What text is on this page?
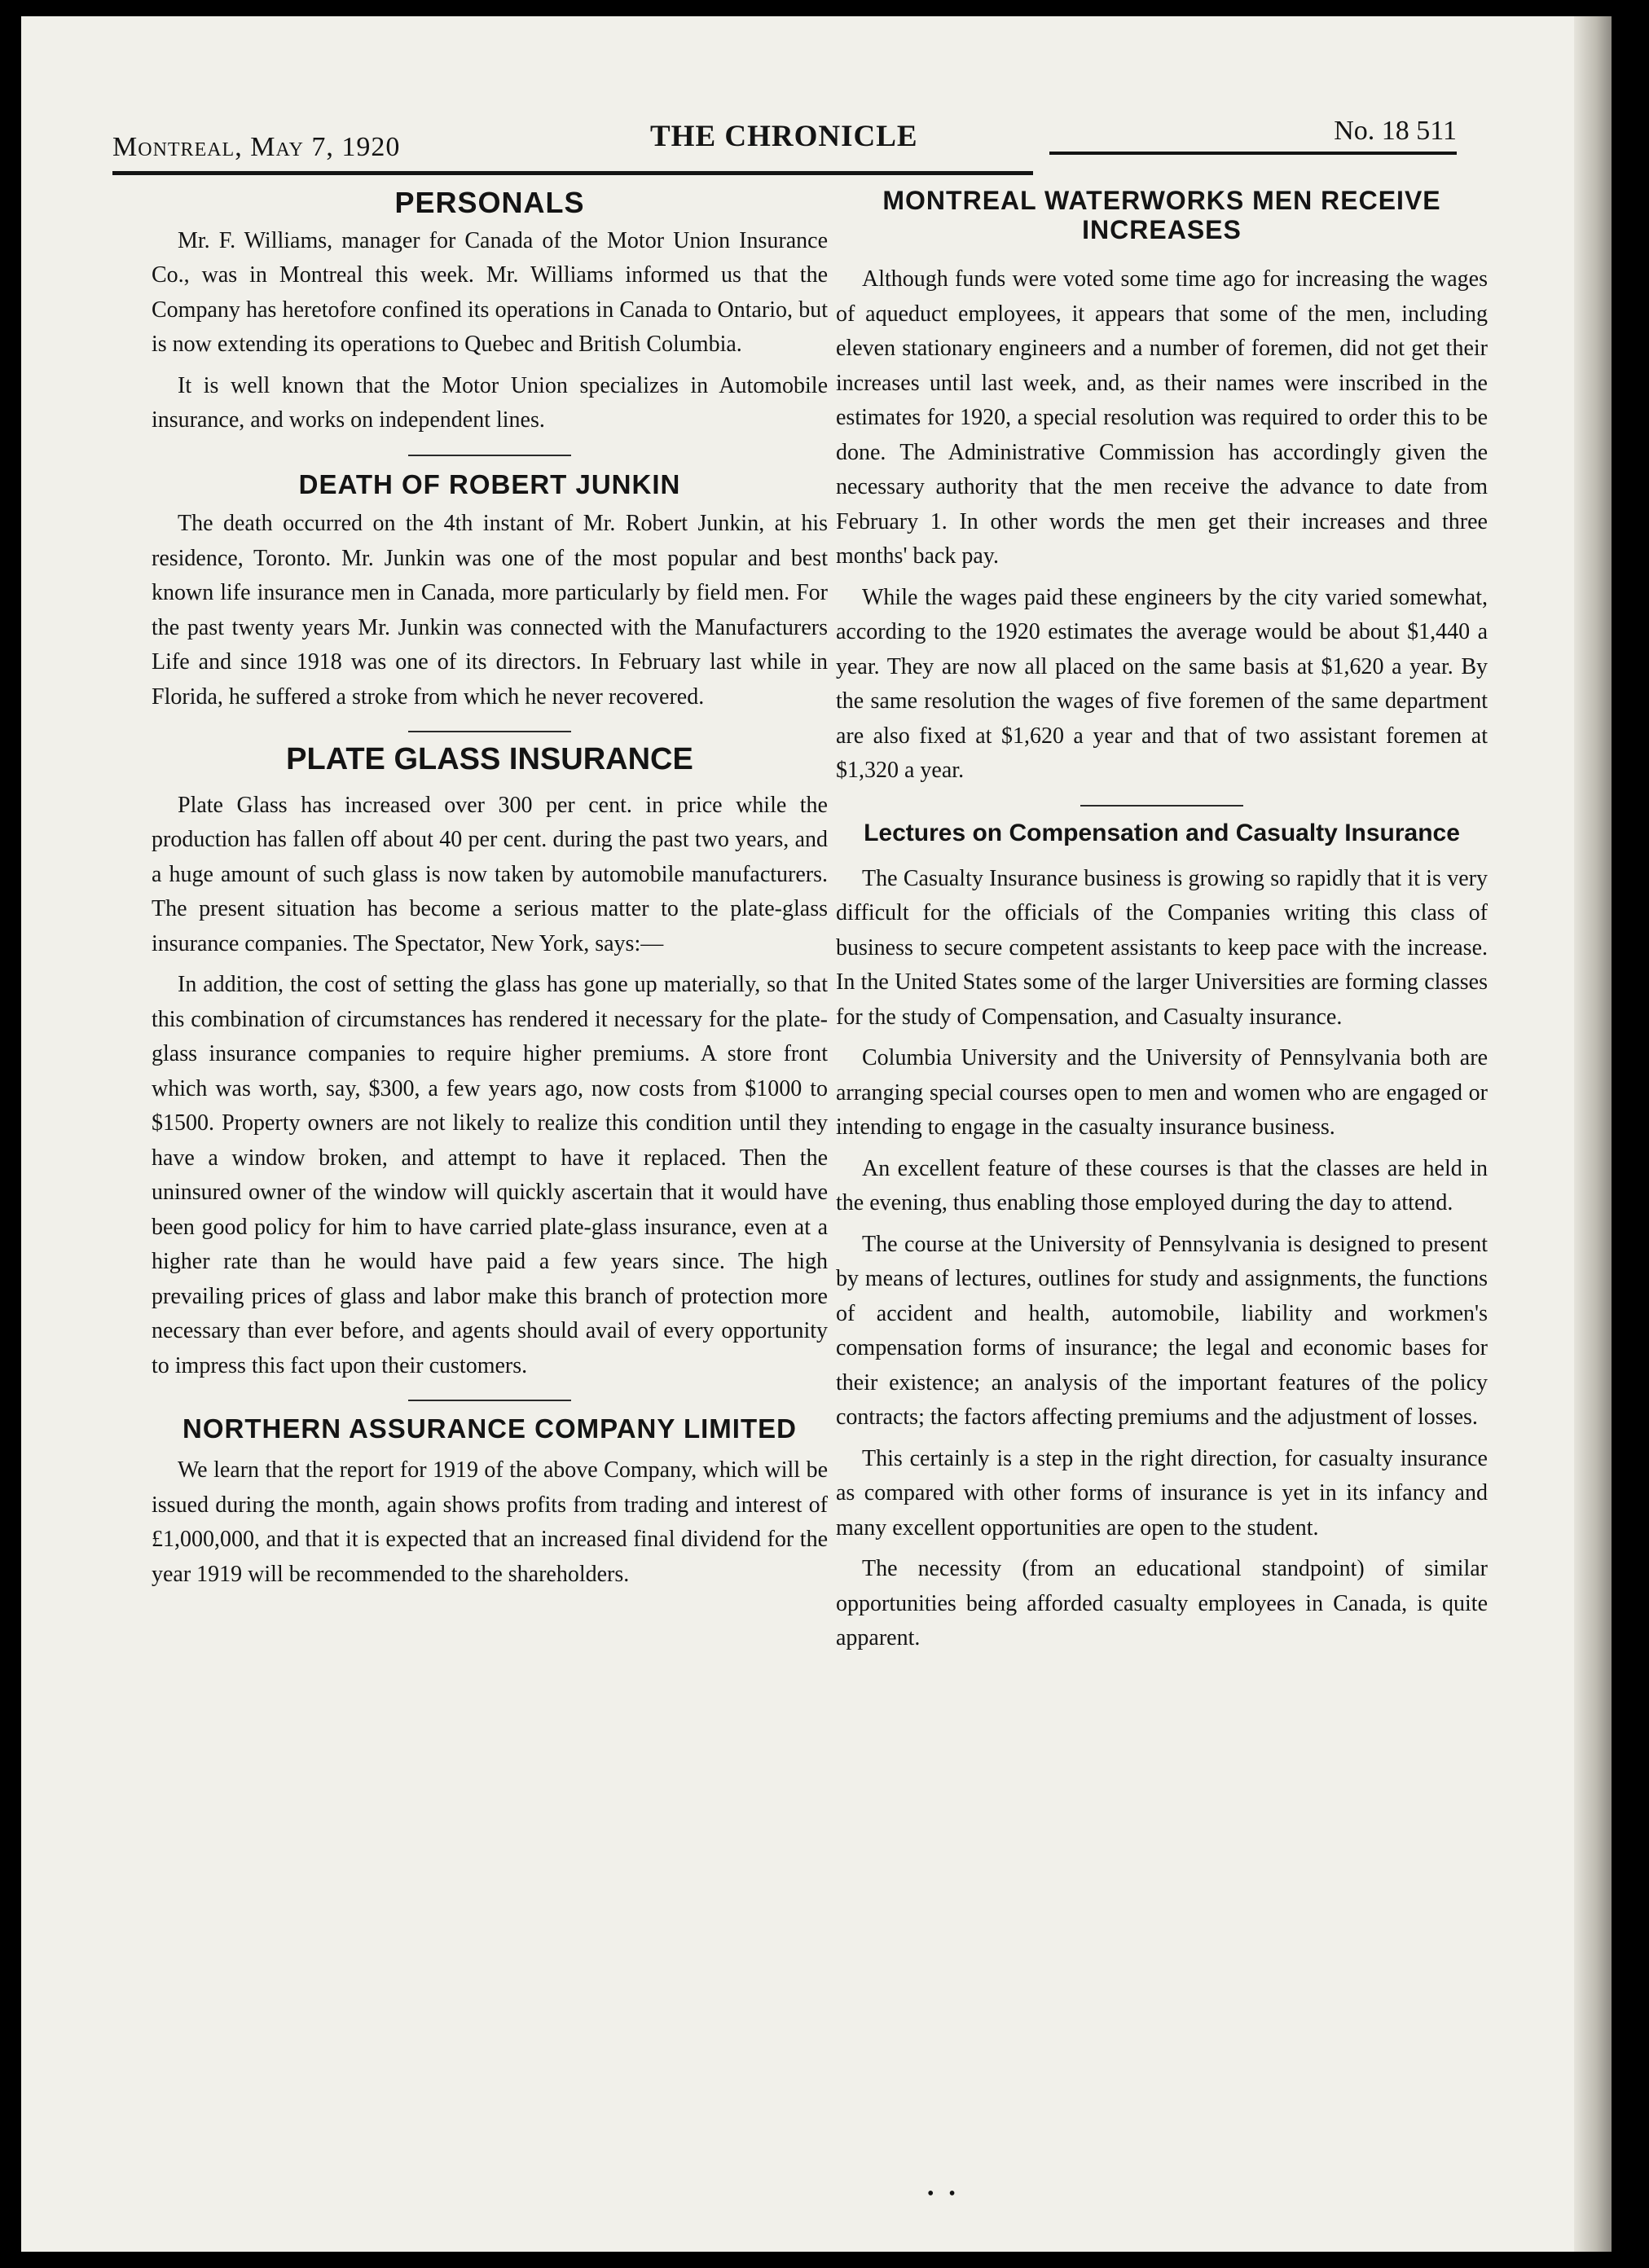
Montreal, May 7, 1920	THE CHRONICLE	No. 18 511
PERSONALS

Mr. F. Williams, manager for Canada of the Motor Union Insurance Co., was in Montreal this week. Mr. Williams informed us that the Company has heretofore confined its operations in Canada to Ontario, but is now extending its operations to Quebec and British Columbia.

It is well known that the Motor Union specializes in Automobile insurance, and works on independent lines.

DEATH OF ROBERT JUNKIN

The death occurred on the 4th instant of Mr. Robert Junkin, at his residence, Toronto. Mr. Junkin was one of the most popular and best known life insurance men in Canada, more particularly by field men. For the past twenty years Mr. Junkin was connected with the Manufacturers Life and since 1918 was one of its directors. In February last while in Florida, he suffered a stroke from which he never recovered.

PLATE GLASS INSURANCE

Plate Glass has increased over 300 per cent. in price while the production has fallen off about 40 per cent. during the past two years, and a huge amount of such glass is now taken by automobile manufacturers. The present situation has become a serious matter to the plate-glass insurance companies. The Spectator, New York, says:—

In addition, the cost of setting the glass has gone up materially, so that this combination of circumstances has rendered it necessary for the plate-glass insurance companies to require higher premiums. A store front which was worth, say, $300, a few years ago, now costs from $1000 to $1500. Property owners are not likely to realize this condition until they have a window broken, and attempt to have it replaced. Then the uninsured owner of the window will quickly ascertain that it would have been good policy for him to have carried plate-glass insurance, even at a higher rate than he would have paid a few years since. The high prevailing prices of glass and labor make this branch of protection more necessary than ever before, and agents should avail of every opportunity to impress this fact upon their customers.

NORTHERN ASSURANCE COMPANY LIMITED

We learn that the report for 1919 of the above Company, which will be issued during the month, again shows profits from trading and interest of £1,000,000, and that it is expected that an increased final dividend for the year 1919 will be recommended to the shareholders.

MONTREAL WATERWORKS MEN RECEIVE INCREASES

Although funds were voted some time ago for increasing the wages of aqueduct employees, it appears that some of the men, including eleven stationary engineers and a number of foremen, did not get their increases until last week, and, as their names were inscribed in the estimates for 1920, a special resolution was required to order this to be done. The Administrative Commission has accordingly given the necessary authority that the men receive the advance to date from February 1. In other words the men get their increases and three months' back pay.

While the wages paid these engineers by the city varied somewhat, according to the 1920 estimates the average would be about $1,440 a year. They are now all placed on the same basis at $1,620 a year. By the same resolution the wages of five foremen of the same department are also fixed at $1,620 a year and that of two assistant foremen at $1,320 a year.

Lectures on Compensation and Casualty Insurance

The Casualty Insurance business is growing so rapidly that it is very difficult for the officials of the Companies writing this class of business to secure competent assistants to keep pace with the increase. In the United States some of the larger Universities are forming classes for the study of Compensation, and Casualty insurance.

Columbia University and the University of Pennsylvania both are arranging special courses open to men and women who are engaged or intending to engage in the casualty insurance business.

An excellent feature of these courses is that the classes are held in the evening, thus enabling those employed during the day to attend.

The course at the University of Pennsylvania is designed to present by means of lectures, outlines for study and assignments, the functions of accident and health, automobile, liability and workmen's compensation forms of insurance; the legal and economic bases for their existence; an analysis of the important features of the policy contracts; the factors affecting premiums and the adjustment of losses.

This certainly is a step in the right direction, for casualty insurance as compared with other forms of insurance is yet in its infancy and many excellent opportunities are open to the student.

The necessity (from an educational standpoint) of similar opportunities being afforded casualty employees in Canada, is quite apparent.

• •
